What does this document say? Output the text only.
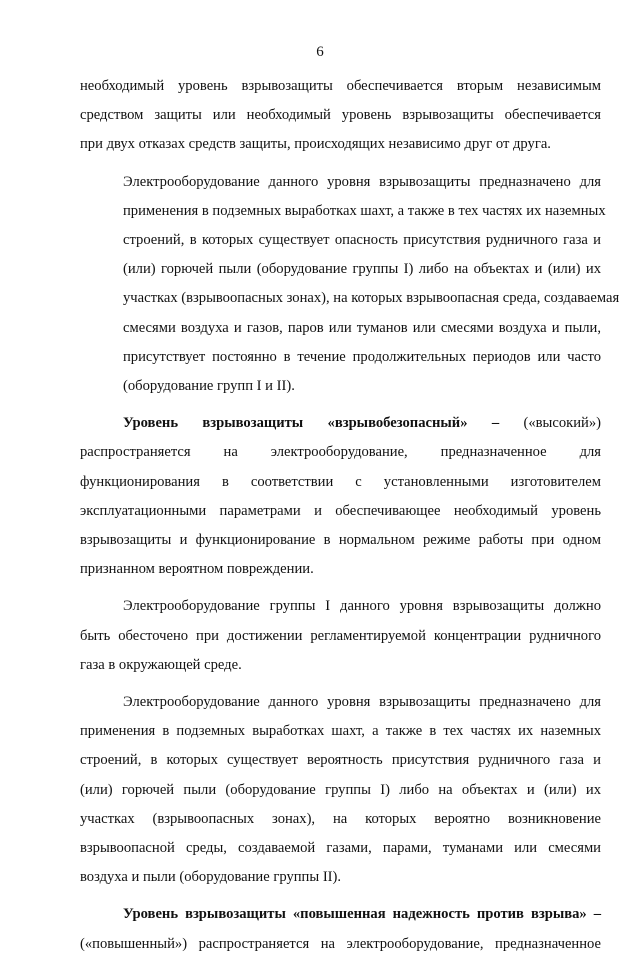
6
необходимый уровень взрывозащиты обеспечивается вторым независимым
средством защиты или необходимый уровень взрывозащиты обеспечивается
при двух отказах средств защиты, происходящих независимо друг от друга.
Электрооборудование данного уровня взрывозащиты предназначено для
применения в подземных выработках шахт, а также в тех частях их наземных
строений, в которых существует опасность присутствия рудничного газа и
(или) горючей пыли (оборудование группы I) либо на объектах и (или) их
участках (взрывоопасных зонах), на которых взрывоопасная среда, создаваемая
смесями воздуха и газов, паров или туманов или смесями воздуха и пыли,
присутствует постоянно в течение продолжительных периодов или часто
(оборудование групп I и II).
Уровень взрывозащиты «взрывобезопасный» – («высокий»)
распространяется на электрооборудование, предназначенное для
функционирования в соответствии с установленными изготовителем
эксплуатационными параметрами и обеспечивающее необходимый уровень
взрывозащиты и функционирование в нормальном режиме работы при одном
признанном вероятном повреждении.
Электрооборудование группы I данного уровня взрывозащиты должно
быть обесточено при достижении регламентируемой концентрации рудничного
газа в окружающей среде.
Электрооборудование данного уровня взрывозащиты предназначено для
применения в подземных выработках шахт, а также в тех частях их наземных
строений, в которых существует вероятность присутствия рудничного газа и
(или) горючей пыли (оборудование группы I) либо на объектах и (или) их
участках (взрывоопасных зонах), на которых вероятно возникновение
взрывоопасной среды, создаваемой газами, парами, туманами или смесями
воздуха и пыли (оборудование группы II).
Уровень взрывозащиты «повышенная надежность против взрыва» –
(«повышенный») распространяется на электрооборудование, предназначенное
